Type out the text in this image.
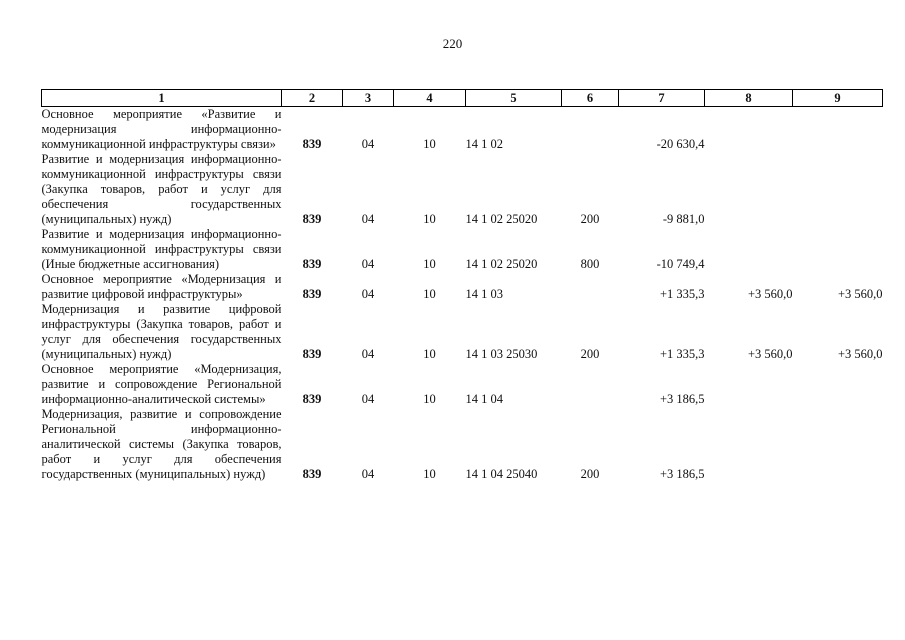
220
1	2	3	4	5	6	7	8	9
Основное мероприятие «Развитие и модернизация информационно-коммуникационной инфраструктуры связи»	839	04	10	14 1 02		-20 630,4		
Развитие и модернизация информационно-коммуникационной инфраструктуры связи (Закупка товаров, работ и услуг для обеспечения государственных (муниципальных) нужд)	839	04	10	14 1 02 25020	200	-9 881,0		
Развитие и модернизация информационно-коммуникационной инфраструктуры связи (Иные бюджетные ассигнования)	839	04	10	14 1 02 25020	800	-10 749,4		
Основное мероприятие «Модернизация и развитие цифровой инфраструктуры»	839	04	10	14 1 03		+1 335,3	+3 560,0	+3 560,0
Модернизация и развитие цифровой инфраструктуры (Закупка товаров, работ и услуг для обеспечения государственных (муниципальных) нужд)	839	04	10	14 1 03 25030	200	+1 335,3	+3 560,0	+3 560,0
Основное мероприятие «Модернизация, развитие и сопровождение Региональной информационно-аналитической системы»	839	04	10	14 1 04		+3 186,5		
Модернизация, развитие и сопровождение Региональной информационно-аналитической системы (Закупка товаров, работ и услуг для обеспечения государственных (муниципальных) нужд)	839	04	10	14 1 04 25040	200	+3 186,5		
